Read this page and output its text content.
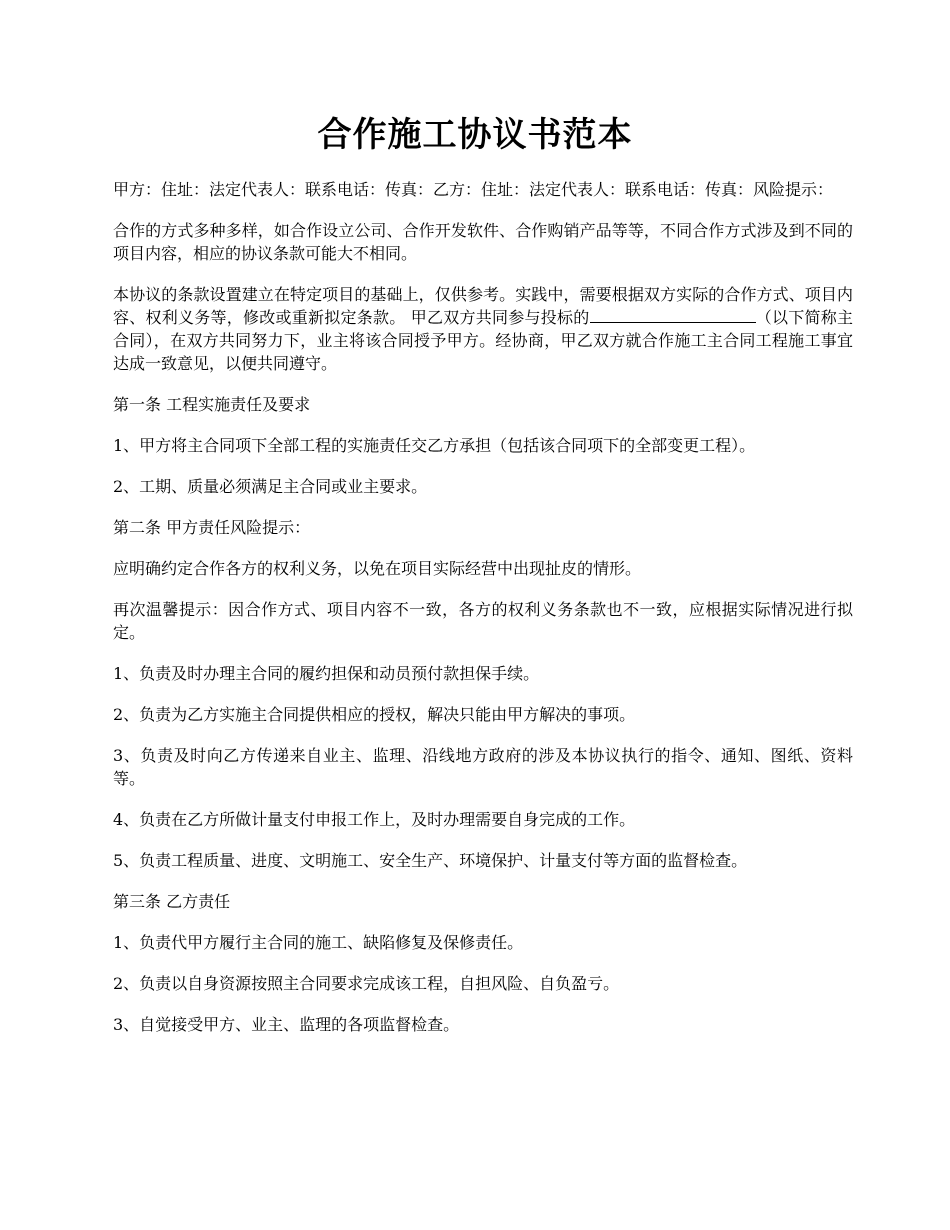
合作施工协议书范本

甲方：住址：法定代表人：联系电话：传真：乙方：住址：法定代表人：联系电话：传真：风险提示：

合作的方式多种多样，如合作设立公司、合作开发软件、合作购销产品等等，不同合作方式涉及到不同的项目内容，相应的协议条款可能大不相同。

本协议的条款设置建立在特定项目的基础上，仅供参考。实践中，需要根据双方实际的合作方式、项目内容、权利义务等，修改或重新拟定条款。 甲乙双方共同参与投标的	（以下简称主合同），在双方共同努力下，业主将该合同授予甲方。经协商，甲乙双方就合作施工主合同工程施工事宜达成一致意见，以便共同遵守。

第一条 工程实施责任及要求

1、甲方将主合同项下全部工程的实施责任交乙方承担（包括该合同项下的全部变更工程）。

2、工期、质量必须满足主合同或业主要求。

第二条 甲方责任风险提示：

应明确约定合作各方的权利义务，以免在项目实际经营中出现扯皮的情形。

再次温馨提示：因合作方式、项目内容不一致，各方的权利义务条款也不一致，应根据实际情况进行拟定。

1、负责及时办理主合同的履约担保和动员预付款担保手续。

2、负责为乙方实施主合同提供相应的授权，解决只能由甲方解决的事项。

3、负责及时向乙方传递来自业主、监理、沿线地方政府的涉及本协议执行的指令、通知、图纸、资料等。

4、负责在乙方所做计量支付申报工作上，及时办理需要自身完成的工作。

5、负责工程质量、进度、文明施工、安全生产、环境保护、计量支付等方面的监督检查。

第三条 乙方责任

1、负责代甲方履行主合同的施工、缺陷修复及保修责任。

2、负责以自身资源按照主合同要求完成该工程，自担风险、自负盈亏。

3、自觉接受甲方、业主、监理的各项监督检查。
